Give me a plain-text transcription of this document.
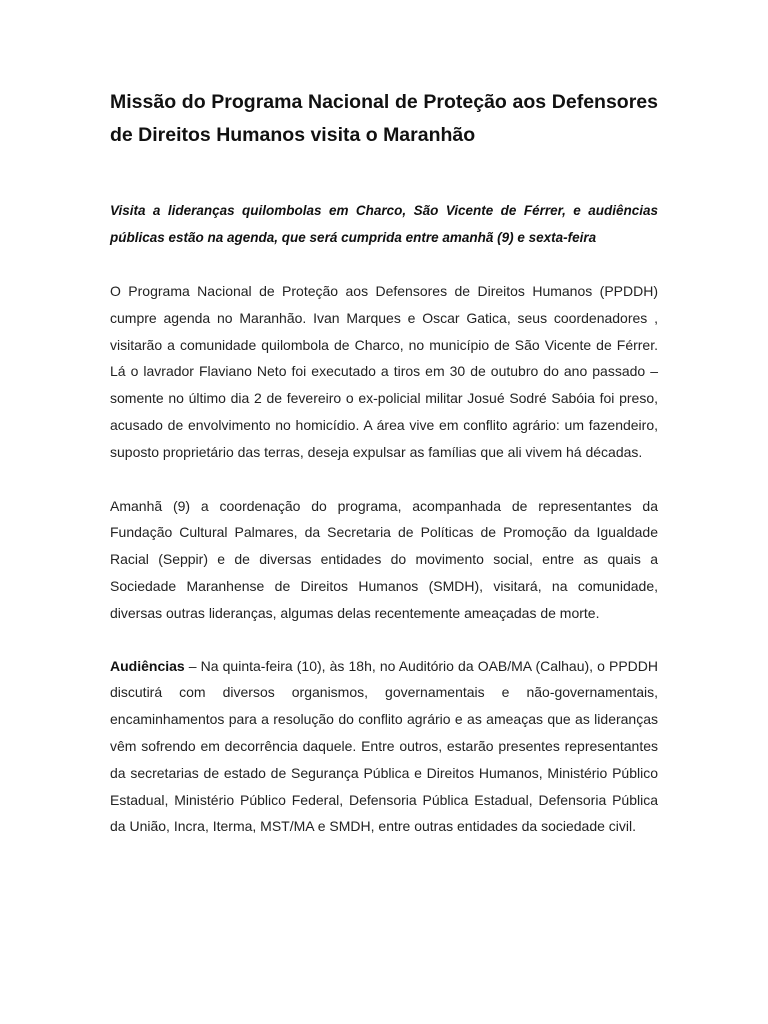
Missão do Programa Nacional de Proteção aos Defensores de Direitos Humanos visita o Maranhão

Visita a lideranças quilombolas em Charco, São Vicente de Férrer, e audiências públicas estão na agenda, que será cumprida entre amanhã (9) e sexta-feira

O Programa Nacional de Proteção aos Defensores de Direitos Humanos (PPDDH) cumpre agenda no Maranhão. Ivan Marques e Oscar Gatica, seus coordenadores , visitarão a comunidade quilombola de Charco, no município de São Vicente de Férrer. Lá o lavrador Flaviano Neto foi executado a tiros em 30 de outubro do ano passado – somente no último dia 2 de fevereiro o ex-policial militar Josué Sodré Sabóia foi preso, acusado de envolvimento no homicídio. A área vive em conflito agrário: um fazendeiro, suposto proprietário das terras, deseja expulsar as famílias que ali vivem há décadas.

Amanhã (9) a coordenação do programa, acompanhada de representantes da Fundação Cultural Palmares, da Secretaria de Políticas de Promoção da Igualdade Racial (Seppir) e de diversas entidades do movimento social, entre as quais a Sociedade Maranhense de Direitos Humanos (SMDH), visitará, na comunidade, diversas outras lideranças, algumas delas recentemente ameaçadas de morte.

Audiências – Na quinta-feira (10), às 18h, no Auditório da OAB/MA (Calhau), o PPDDH discutirá com diversos organismos, governamentais e não-governamentais, encaminhamentos para a resolução do conflito agrário e as ameaças que as lideranças vêm sofrendo em decorrência daquele. Entre outros, estarão presentes representantes da secretarias de estado de Segurança Pública e Direitos Humanos, Ministério Público Estadual, Ministério Público Federal, Defensoria Pública Estadual, Defensoria Pública da União, Incra, Iterma, MST/MA e SMDH, entre outras entidades da sociedade civil.
